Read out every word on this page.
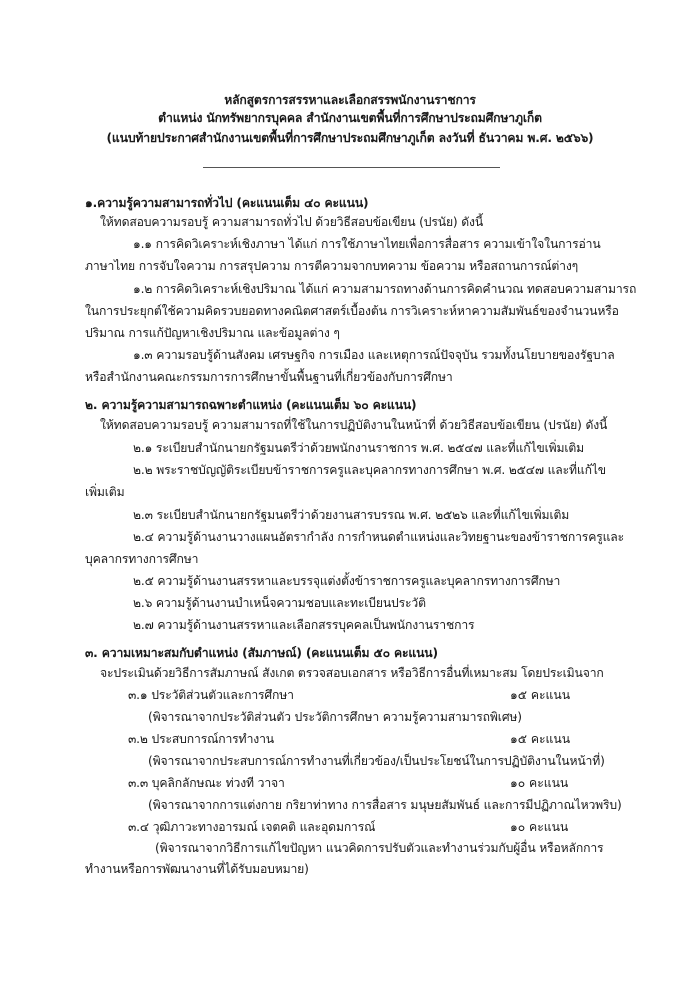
หลักสูตรการสรรหาและเลือกสรรพนักงานราชการ
ตำแหน่ง นักทรัพยากรบุคคล สำนักงานเขตพื้นที่การศึกษาประถมศึกษาภูเก็ต
(แนบท้ายประกาศสำนักงานเขตพื้นที่การศึกษาประถมศึกษาภูเก็ต ลงวันที่ ธันวาคม พ.ศ. ๒๕๖๖)
๑.ความรู้ความสามารถทั่วไป (คะแนนเต็ม ๔๐ คะแนน)
ให้ทดสอบความรอบรู้ ความสามารถทั่วไป ด้วยวิธีสอบข้อเขียน (ปรนัย) ดังนี้
๑.๑ การคิดวิเคราะห์เชิงภาษา ได้แก่ การใช้ภาษาไทยเพื่อการสื่อสาร ความเข้าใจในการอ่าน
ภาษาไทย การจับใจความ การสรุปความ การตีความจากบทความ ข้อความ หรือสถานการณ์ต่างๆ
๑.๒ การคิดวิเคราะห์เชิงปริมาณ ได้แก่ ความสามารถทางด้านการคิดคำนวณ ทดสอบความสามารถ
ในการประยุกต์ใช้ความคิดรวบยอดทางคณิตศาสตร์เบื้องต้น การวิเคราะห์หาความสัมพันธ์ของจำนวนหรือ
ปริมาณ การแก้ปัญหาเชิงปริมาณ และข้อมูลต่าง ๆ
๑.๓ ความรอบรู้ด้านสังคม เศรษฐกิจ การเมือง และเหตุการณ์ปัจจุบัน รวมทั้งนโยบายของรัฐบาล
หรือสำนักงานคณะกรรมการการศึกษาขั้นพื้นฐานที่เกี่ยวข้องกับการศึกษา
๒. ความรู้ความสามารถฉพาะตำแหน่ง (คะแนนเต็ม ๖๐ คะแนน)
ให้ทดสอบความรอบรู้ ความสามารถที่ใช้ในการปฏิบัติงานในหน้าที่ ด้วยวิธีสอบข้อเขียน (ปรนัย) ดังนี้
๒.๑ ระเบียบสำนักนายกรัฐมนตรีว่าด้วยพนักงานราชการ พ.ศ. ๒๕๔๗ และที่แก้ไขเพิ่มเติม
๒.๒ พระราชบัญญัติระเบียบข้าราชการครูและบุคลากรทางการศึกษา พ.ศ. ๒๕๔๗ และที่แก้ไข
เพิ่มเติม
๒.๓ ระเบียบสำนักนายกรัฐมนตรีว่าด้วยงานสารบรรณ พ.ศ. ๒๕๒๖ และที่แก้ไขเพิ่มเติม
๒.๔ ความรู้ด้านงานวางแผนอัตรากำลัง การกำหนดตำแหน่งและวิทยฐานะของข้าราชการครูและ
บุคลากรทางการศึกษา
๒.๕ ความรู้ด้านงานสรรหาและบรรจุแต่งตั้งข้าราชการครูและบุคลากรทางการศึกษา
๒.๖ ความรู้ด้านงานบำเหน็จความชอบและทะเบียนประวัติ
๒.๗ ความรู้ด้านงานสรรหาและเลือกสรรบุคคลเป็นพนักงานราชการ
๓. ความเหมาะสมกับตำแหน่ง (สัมภาษณ์) (คะแนนเต็ม ๕๐ คะแนน)
จะประเมินด้วยวิธีการสัมภาษณ์ สังเกต ตรวจสอบเอกสาร หรือวิธีการอื่นที่เหมาะสม โดยประเมินจาก
๓.๑ ประวัติส่วนตัวและการศึกษา	๑๕ คะแนน
(พิจารณาจากประวัติส่วนตัว ประวัติการศึกษา ความรู้ความสามารถพิเศษ)
๓.๒ ประสบการณ์การทำงาน	๑๕ คะแนน
(พิจารณาจากประสบการณ์การทำงานที่เกี่ยวข้อง/เป็นประโยชน์ในการปฏิบัติงานในหน้าที่)
๓.๓ บุคลิกลักษณะ ท่วงที วาจา	๑๐ คะแนน
(พิจารณาจากการแต่งกาย กริยาท่าทาง การสื่อสาร มนุษยสัมพันธ์ และการมีปฏิภาณไหวพริบ)
๓.๔ วุฒิภาวะทางอารมณ์ เจตคติ และอุดมการณ์	๑๐ คะแนน
(พิจารณาจากวิธีการแก้ไขปัญหา แนวคิดการปรับตัวและทำงานร่วมกับผู้อื่น หรือหลักการ
ทำงานหรือการพัฒนางานที่ได้รับมอบหมาย)
